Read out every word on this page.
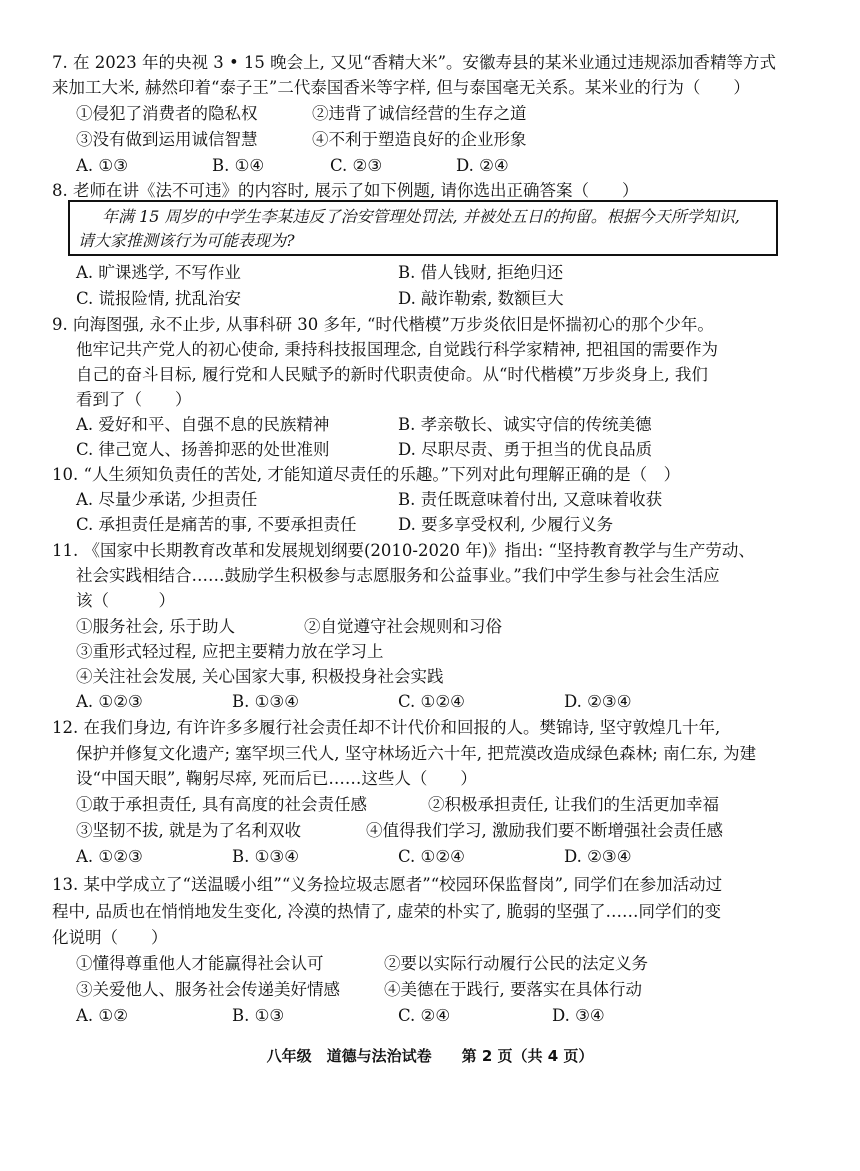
7. 在 2023 年的央视 3 • 15 晚会上, 又见“香精大米”。安徽寿县的某米业通过违规添加香精等方式
来加工大米, 赫然印着“泰子王”二代泰国香米等字样, 但与泰国毫无关系。某米业的行为（　　）
①侵犯了消费者的隐私权	②违背了诚信经营的生存之道
③没有做到运用诚信智慧	④不利于塑造良好的企业形象
A. ①③	B. ①④	C. ②③	D. ②④
8. 老师在讲《法不可违》的内容时, 展示了如下例题, 请你选出正确答案（　　）
年满 15 周岁的中学生李某违反了治安管理处罚法, 并被处五日的拘留。根据今天所学知识,
请大家推测该行为可能表现为?
A. 旷课逃学, 不写作业	B. 借人钱财, 拒绝归还
C. 谎报险情, 扰乱治安	D. 敲诈勒索, 数额巨大
9. 向海图强, 永不止步, 从事科研 30 多年, “时代楷模”万步炎依旧是怀揣初心的那个少年。
他牢记共产党人的初心使命, 秉持科技报国理念, 自觉践行科学家精神, 把祖国的需要作为
自己的奋斗目标, 履行党和人民赋予的新时代职责使命。从“时代楷模”万步炎身上, 我们
看到了（　　）
A. 爱好和平、自强不息的民族精神	B. 孝亲敬长、诚实守信的传统美德
C. 律己宽人、扬善抑恶的处世准则	D. 尽职尽责、勇于担当的优良品质
10. “人生须知负责任的苦处, 才能知道尽责任的乐趣。”下列对此句理解正确的是（　）
A. 尽量少承诺, 少担责任	B. 责任既意味着付出, 又意味着收获
C. 承担责任是痛苦的事, 不要承担责任	D. 要多享受权利, 少履行义务
11. 《国家中长期教育改革和发展规划纲要(2010-2020 年)》指出: “坚持教育教学与生产劳动、
社会实践相结合……鼓励学生积极参与志愿服务和公益事业。”我们中学生参与社会生活应
该（　　　）
①服务社会, 乐于助人	②自觉遵守社会规则和习俗
③重形式轻过程, 应把主要精力放在学习上
④关注社会发展, 关心国家大事, 积极投身社会实践
A. ①②③	B. ①③④	C. ①②④	D. ②③④
12. 在我们身边, 有许许多多履行社会责任却不计代价和回报的人。樊锦诗, 坚守敦煌几十年,
保护并修复文化遗产; 塞罕坝三代人, 坚守林场近六十年, 把荒漠改造成绿色森林; 南仁东, 为建
设“中国天眼”, 鞠躬尽瘁, 死而后已……这些人（　　）
①敢于承担责任, 具有高度的社会责任感	②积极承担责任, 让我们的生活更加幸福
③坚韧不拔, 就是为了名利双收	④值得我们学习, 激励我们要不断增强社会责任感
A. ①②③	B. ①③④	C. ①②④	D. ②③④
13. 某中学成立了“送温暖小组”“义务捡垃圾志愿者”“校园环保监督岗”, 同学们在参加活动过
程中, 品质也在悄悄地发生变化, 冷漠的热情了, 虚荣的朴实了, 脆弱的坚强了……同学们的变
化说明（　　）
①懂得尊重他人才能赢得社会认可	②要以实际行动履行公民的法定义务
③关爱他人、服务社会传递美好情感	④美德在于践行, 要落实在具体行动
A. ①②	B. ①③	C. ②④	D. ③④
八年级　道德与法治试卷　　第 2 页（共 4 页）
